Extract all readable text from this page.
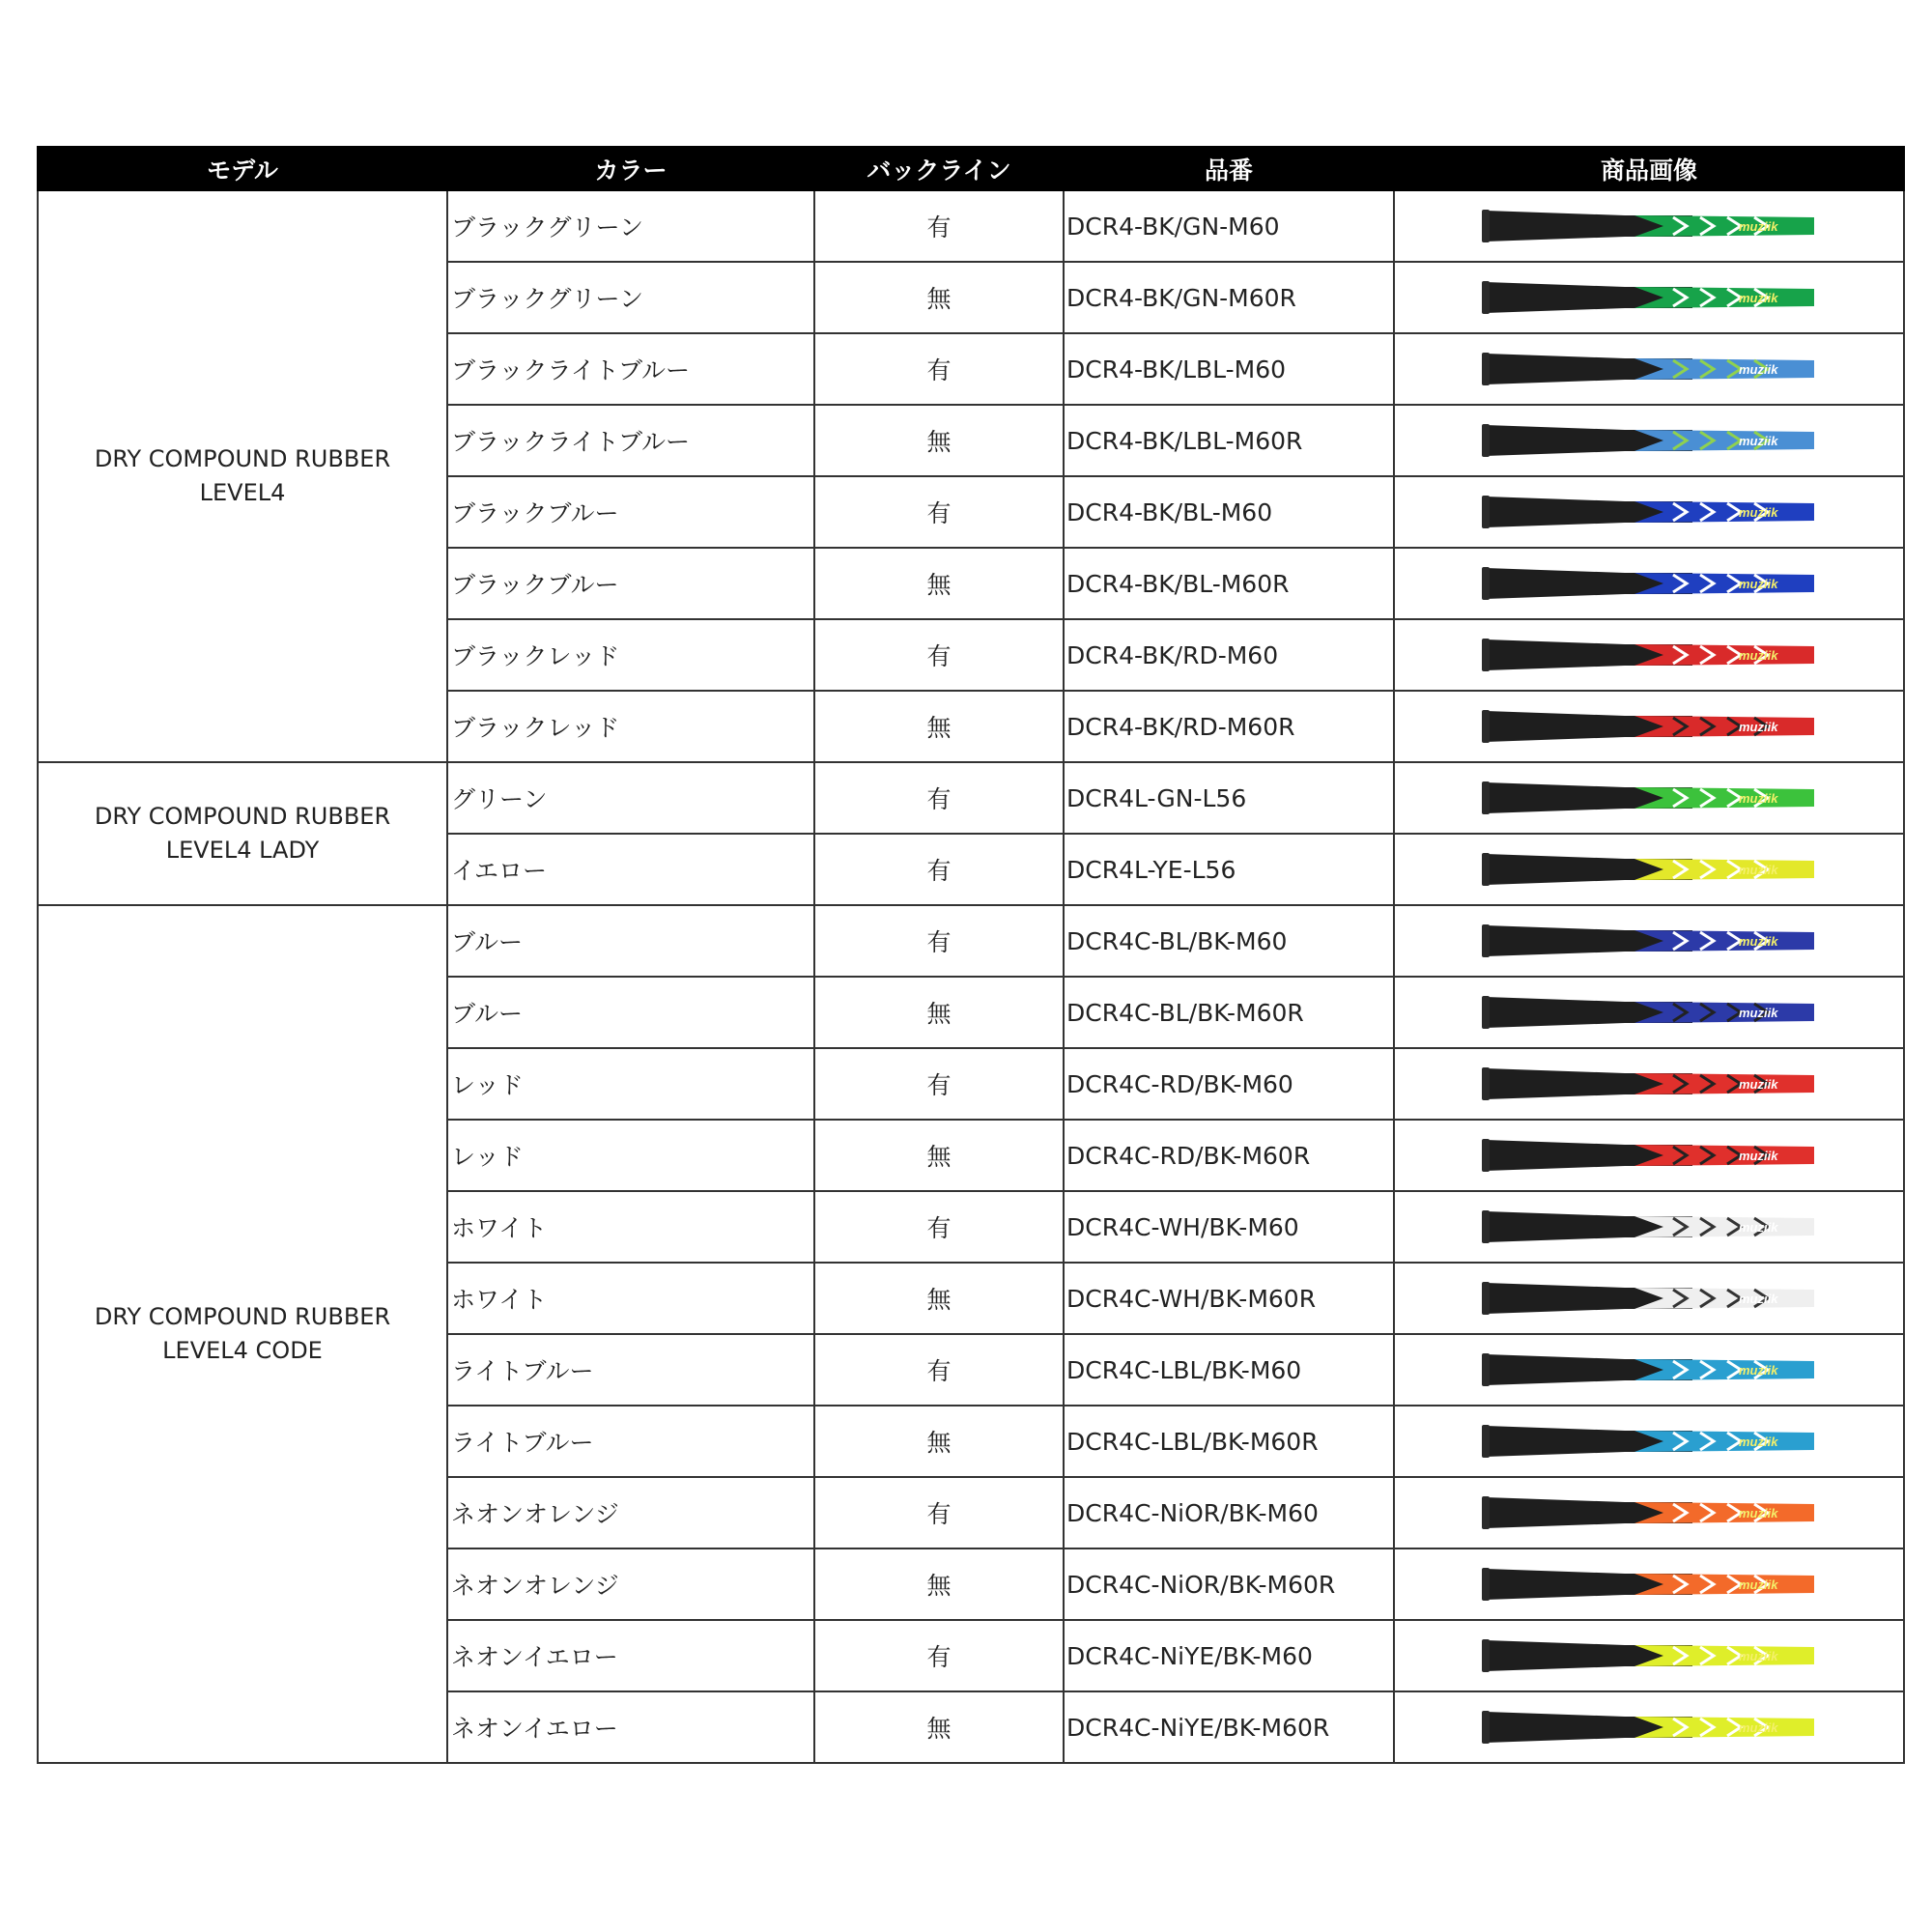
モデル	カラー	バックライン	品番	商品画像

DRY COMPOUND RUBBER
LEVEL4	ブラックグリーン	有	DCR4-BK/GN-M60	muziik

	ブラックグリーン	無	DCR4-BK/GN-M60R	muziik

	ブラックライトブルー	有	DCR4-BK/LBL-M60	muziik

	ブラックライトブルー	無	DCR4-BK/LBL-M60R	muziik

	ブラックブルー	有	DCR4-BK/BL-M60	muziik

	ブラックブルー	無	DCR4-BK/BL-M60R	muziik

	ブラックレッド	有	DCR4-BK/RD-M60	muziik

	ブラックレッド	無	DCR4-BK/RD-M60R	muziik

DRY COMPOUND RUBBER
LEVEL4 LADY	グリーン	有	DCR4L-GN-L56	muziik

	イエロー	有	DCR4L-YE-L56	muziik

DRY COMPOUND RUBBER
LEVEL4 CODE	ブルー	有	DCR4C-BL/BK-M60	muziik

	ブルー	無	DCR4C-BL/BK-M60R	muziik

	レッド	有	DCR4C-RD/BK-M60	muziik

	レッド	無	DCR4C-RD/BK-M60R	muziik

	ホワイト	有	DCR4C-WH/BK-M60	muziik

	ホワイト	無	DCR4C-WH/BK-M60R	muziik

	ライトブルー	有	DCR4C-LBL/BK-M60	muziik

	ライトブルー	無	DCR4C-LBL/BK-M60R	muziik

	ネオンオレンジ	有	DCR4C-NiOR/BK-M60	muziik

	ネオンオレンジ	無	DCR4C-NiOR/BK-M60R	muziik

	ネオンイエロー	有	DCR4C-NiYE/BK-M60	muziik

	ネオンイエロー	無	DCR4C-NiYE/BK-M60R	muziik
